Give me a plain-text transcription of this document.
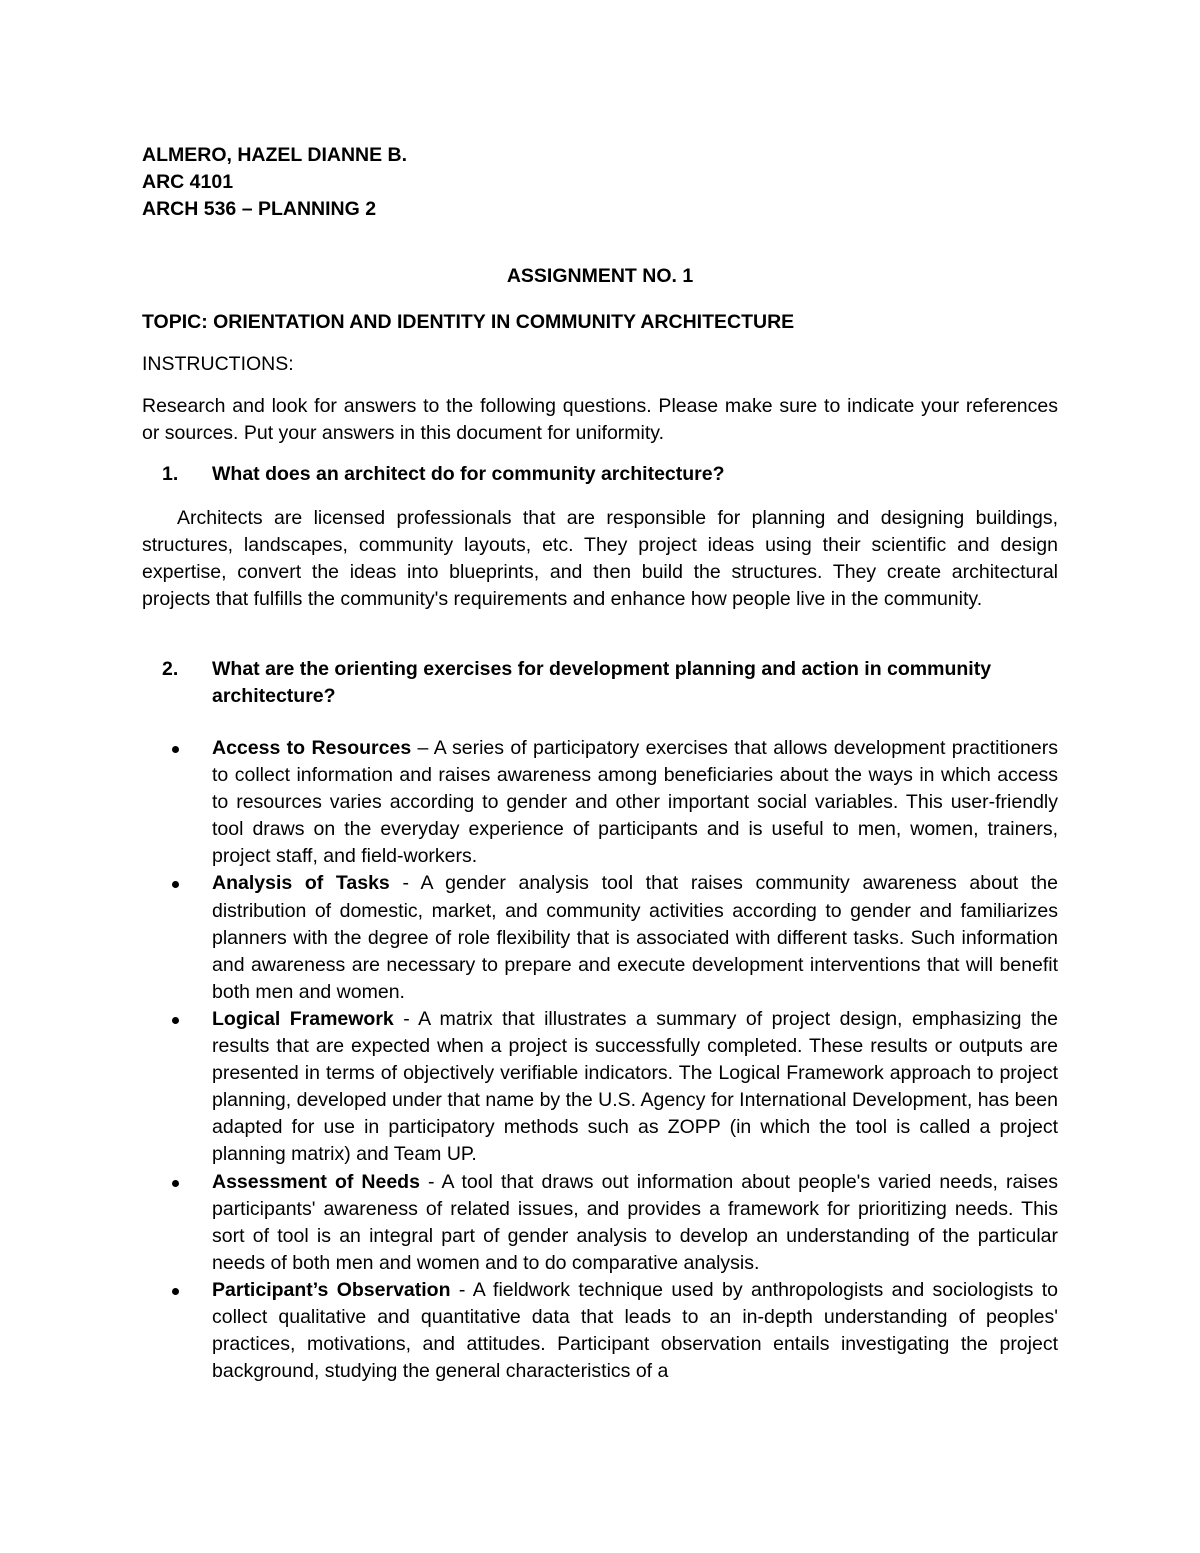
ALMERO, HAZEL DIANNE B.
ARC 4101
ARCH 536 – PLANNING 2
ASSIGNMENT NO. 1
TOPIC: ORIENTATION AND IDENTITY IN COMMUNITY ARCHITECTURE
INSTRUCTIONS:
Research and look for answers to the following questions. Please make sure to indicate your references or sources. Put your answers in this document for uniformity.
1. What does an architect do for community architecture?
Architects are licensed professionals that are responsible for planning and designing buildings, structures, landscapes, community layouts, etc. They project ideas using their scientific and design expertise, convert the ideas into blueprints, and then build the structures. They create architectural projects that fulfills the community's requirements and enhance how people live in the community.
2. What are the orienting exercises for development planning and action in community architecture?
Access to Resources – A series of participatory exercises that allows development practitioners to collect information and raises awareness among beneficiaries about the ways in which access to resources varies according to gender and other important social variables. This user-friendly tool draws on the everyday experience of participants and is useful to men, women, trainers, project staff, and field-workers.
Analysis of Tasks - A gender analysis tool that raises community awareness about the distribution of domestic, market, and community activities according to gender and familiarizes planners with the degree of role flexibility that is associated with different tasks. Such information and awareness are necessary to prepare and execute development interventions that will benefit both men and women.
Logical Framework - A matrix that illustrates a summary of project design, emphasizing the results that are expected when a project is successfully completed. These results or outputs are presented in terms of objectively verifiable indicators. The Logical Framework approach to project planning, developed under that name by the U.S. Agency for International Development, has been adapted for use in participatory methods such as ZOPP (in which the tool is called a project planning matrix) and Team UP.
Assessment of Needs - A tool that draws out information about people's varied needs, raises participants' awareness of related issues, and provides a framework for prioritizing needs. This sort of tool is an integral part of gender analysis to develop an understanding of the particular needs of both men and women and to do comparative analysis.
Participant’s Observation - A fieldwork technique used by anthropologists and sociologists to collect qualitative and quantitative data that leads to an in-depth understanding of peoples' practices, motivations, and attitudes. Participant observation entails investigating the project background, studying the general characteristics of a
